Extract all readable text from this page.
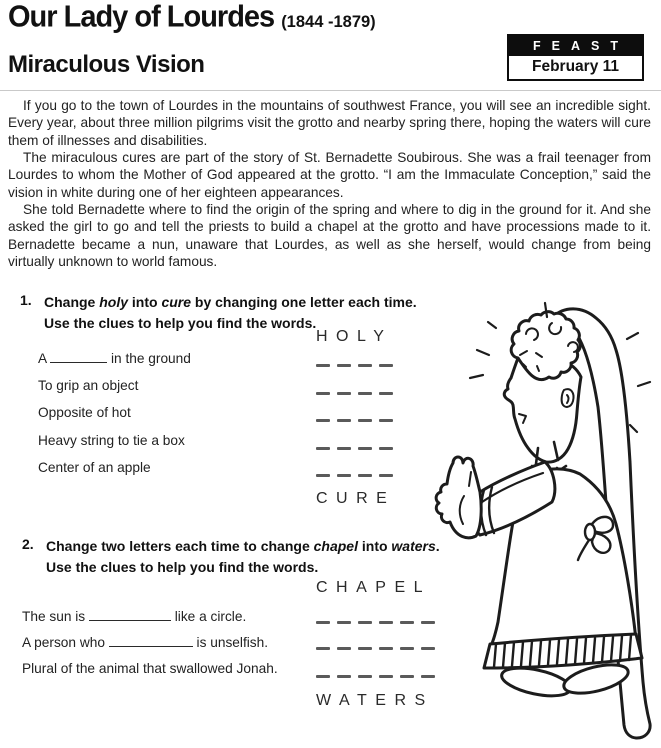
Our Lady of Lourdes (1844 -1879)
Miraculous Vision
FEAST
February 11

If you go to the town of Lourdes in the mountains of southwest France, you will see an incredible sight. Every year, about three million pilgrims visit the grotto and nearby spring there, hoping the waters will cure them of illnesses and disabilities.

The miraculous cures are part of the story of St. Bernadette Soubirous. She was a frail teenager from Lourdes to whom the Mother of God appeared at the grotto. “I am the Immaculate Conception,” said the vision in white during one of her eighteen appearances.

She told Bernadette where to find the origin of the spring and where to dig in the ground for it. And she asked the girl to go and tell the priests to build a chapel at the grotto and have processions made to it. Bernadette became a nun, unaware that Lourdes, as well as she herself, would change from being virtually unknown to world famous.

1. Change holy into cure by changing one letter each time.
Use the clues to help you find the words.
HOLY
A	in the ground
To grip an object
Opposite of hot
Heavy string to tie a box
Center of an apple
CURE
2. Change two letters each time to change chapel into waters.
Use the clues to help you find the words.
CHAPEL
The sun is	like a circle.
A person who	is unselfish.
Plural of the animal that swallowed Jonah.
WATERS
